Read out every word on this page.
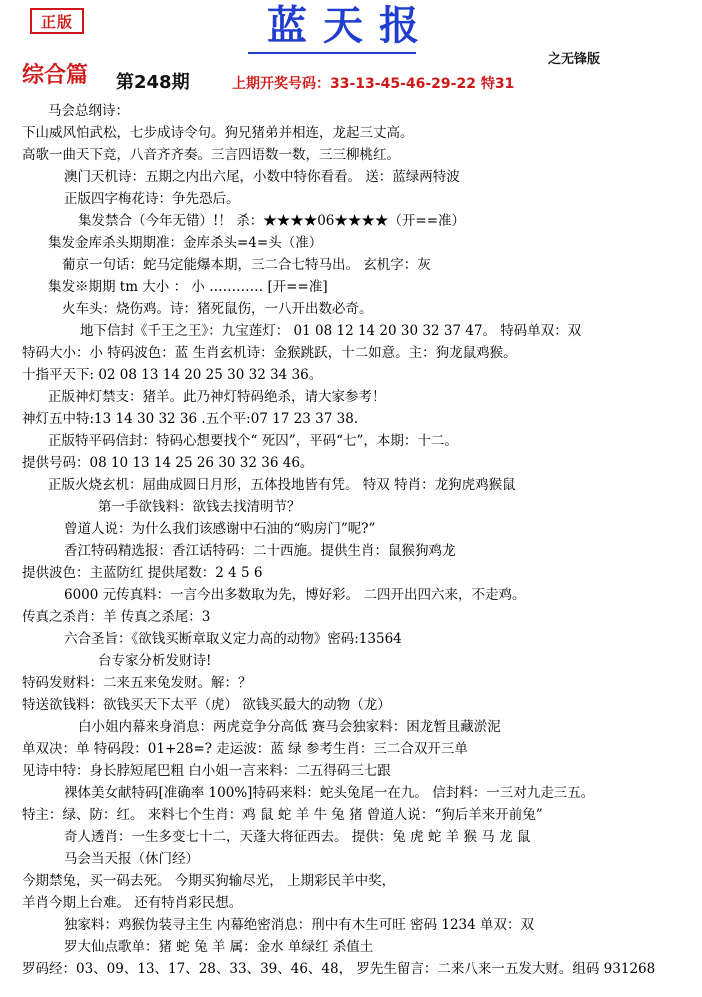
正版	蓝天报
之无锋版
综合篇 第248期	上期开奖号码：33-13-45-46-29-22 特31
马会总纲诗：
下山威风怕武松，七步成诗令句。狗兄猪弟并相连，龙起三丈高。
高歌一曲天下竞，八音齐齐奏。三言四语数一数，三三柳桃红。
澳门天机诗：五期之内出六尾，小数中特你看看。 送：蓝绿两特波
正版四字梅花诗：争先恐后。
集发禁合（今年无错）!！ 杀：★★★★06★★★★（开==准）
集发金库杀头期期准：金库杀头=4=头（准）
葡京一句话：蛇马定能爆本期，三二合七特马出。 玄机字：灰
集发※期期 tm 大小 ： 小 ………… [开==准]
火车头：烧伤鸡。诗：猪死鼠伤，一八开出数必奇。
地下信封《千王之王》：九宝莲灯： 01 08 12 14 20 30 32 37 47。 特码单双：双
特码大小：小 特码波色：蓝 生肖玄机诗：金猴跳跃，十二如意。主：狗龙鼠鸡猴。
十指平天下: 02 08 13 14 20 25 30 32 34 36。
正版神灯禁支：猪羊。此乃神灯特码绝杀，请大家参考！
神灯五中特:13 14 30 32 36 .五个平:07 17 23 37 38.
正版特平码信封：特码心想要找个“ 死囚”，平码“七”，本期：十二。
提供号码：08 10 13 14 25 26 30 32 36 46。
正版火烧玄机：屈曲成圆日月形，五体投地皆有凭。 特双 特肖：龙狗虎鸡猴鼠
第一手欲钱料：欲钱去找清明节？
曾道人说：为什么我们该感谢中石油的“购房门”呢?”
香江特码精选报：香江话特码：二十西施。提供生肖：鼠猴狗鸡龙
提供波色：主蓝防红 提供尾数：2 4 5 6
6000 元传真料：一言今出多数取为先，博好彩。 二四开出四六来，不走鸡。
传真之杀肖：羊 传真之杀尾：3
六合圣旨：《欲钱买断章取义定力高的动物》密码:13564
台专家分析发财诗!
特码发财料：二来五来兔发财。解：？
特送欲钱料：欲钱买天下太平（虎） 欲钱买最大的动物（龙）
白小姐内幕来身消息：两虎竞争分高低 赛马会独家料：困龙暂且藏淤泥
单双决：单 特码段：01+28=? 走运波：蓝 绿 参考生肖：三二合双开三单
见诗中特：身长脖短尾巴粗 白小姐一言来料：二五得码三七跟
裸体美女献特码[准确率 100%]特码来料：蛇头兔尾一在九。 信封料：一三对九走三五。
特主：绿、防：红。 来料七个生肖：鸡 鼠 蛇 羊 牛 兔 猪 曾道人说：“狗后羊来开前兔”
奇人透肖：一生多变七十二，天蓬大将征西去。 提供：兔 虎 蛇 羊 猴 马 龙 鼠
马会当天报（休门经）
今期禁兔，买一码去死。 今期买狗输尽光， 上期彩民羊中奖，
羊肖今期上台难。 还有特肖彩民想。
独家料：鸡猴伪装寻主生 内幕绝密消息：刑中有木生可旺 密码 1234 单双：双
罗大仙点歌单：猪 蛇 兔 羊 属：金水 单绿红 杀值土
罗码经：03、09、13、17、28、33、39、46、48， 罗先生留言：二来八来一五发大财。组码 931268
